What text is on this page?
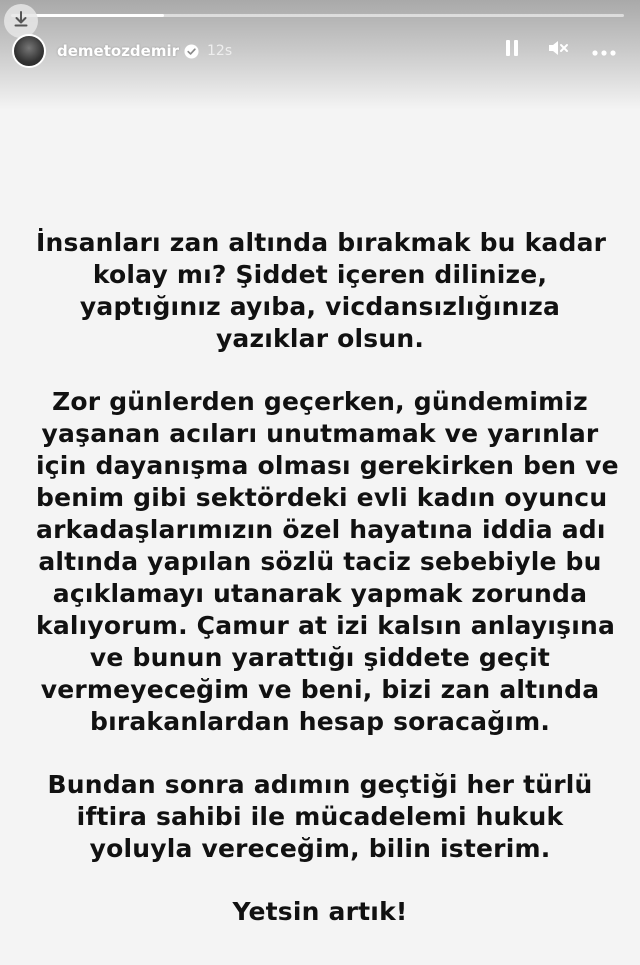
demetozdemir 12s
İnsanları zan altında bırakmak bu kadar
kolay mı? Şiddet içeren dilinize,
yaptığınız ayıba, vicdansızlığınıza
yazıklar olsun.
Zor günlerden geçerken, gündemimiz
yaşanan acıları unutmamak ve yarınlar
için dayanışma olması gerekirken ben ve
benim gibi sektördeki evli kadın oyuncu
arkadaşlarımızın özel hayatına iddia adı
altında yapılan sözlü taciz sebebiyle bu
açıklamayı utanarak yapmak zorunda
kalıyorum. Çamur at izi kalsın anlayışına
ve bunun yarattığı şiddete geçit
vermeyeceğim ve beni, bizi zan altında
bırakanlardan hesap soracağım.
Bundan sonra adımın geçtiği her türlü
iftira sahibi ile mücadelemi hukuk
yoluyla vereceğim, bilin isterim.
Yetsin artık!
